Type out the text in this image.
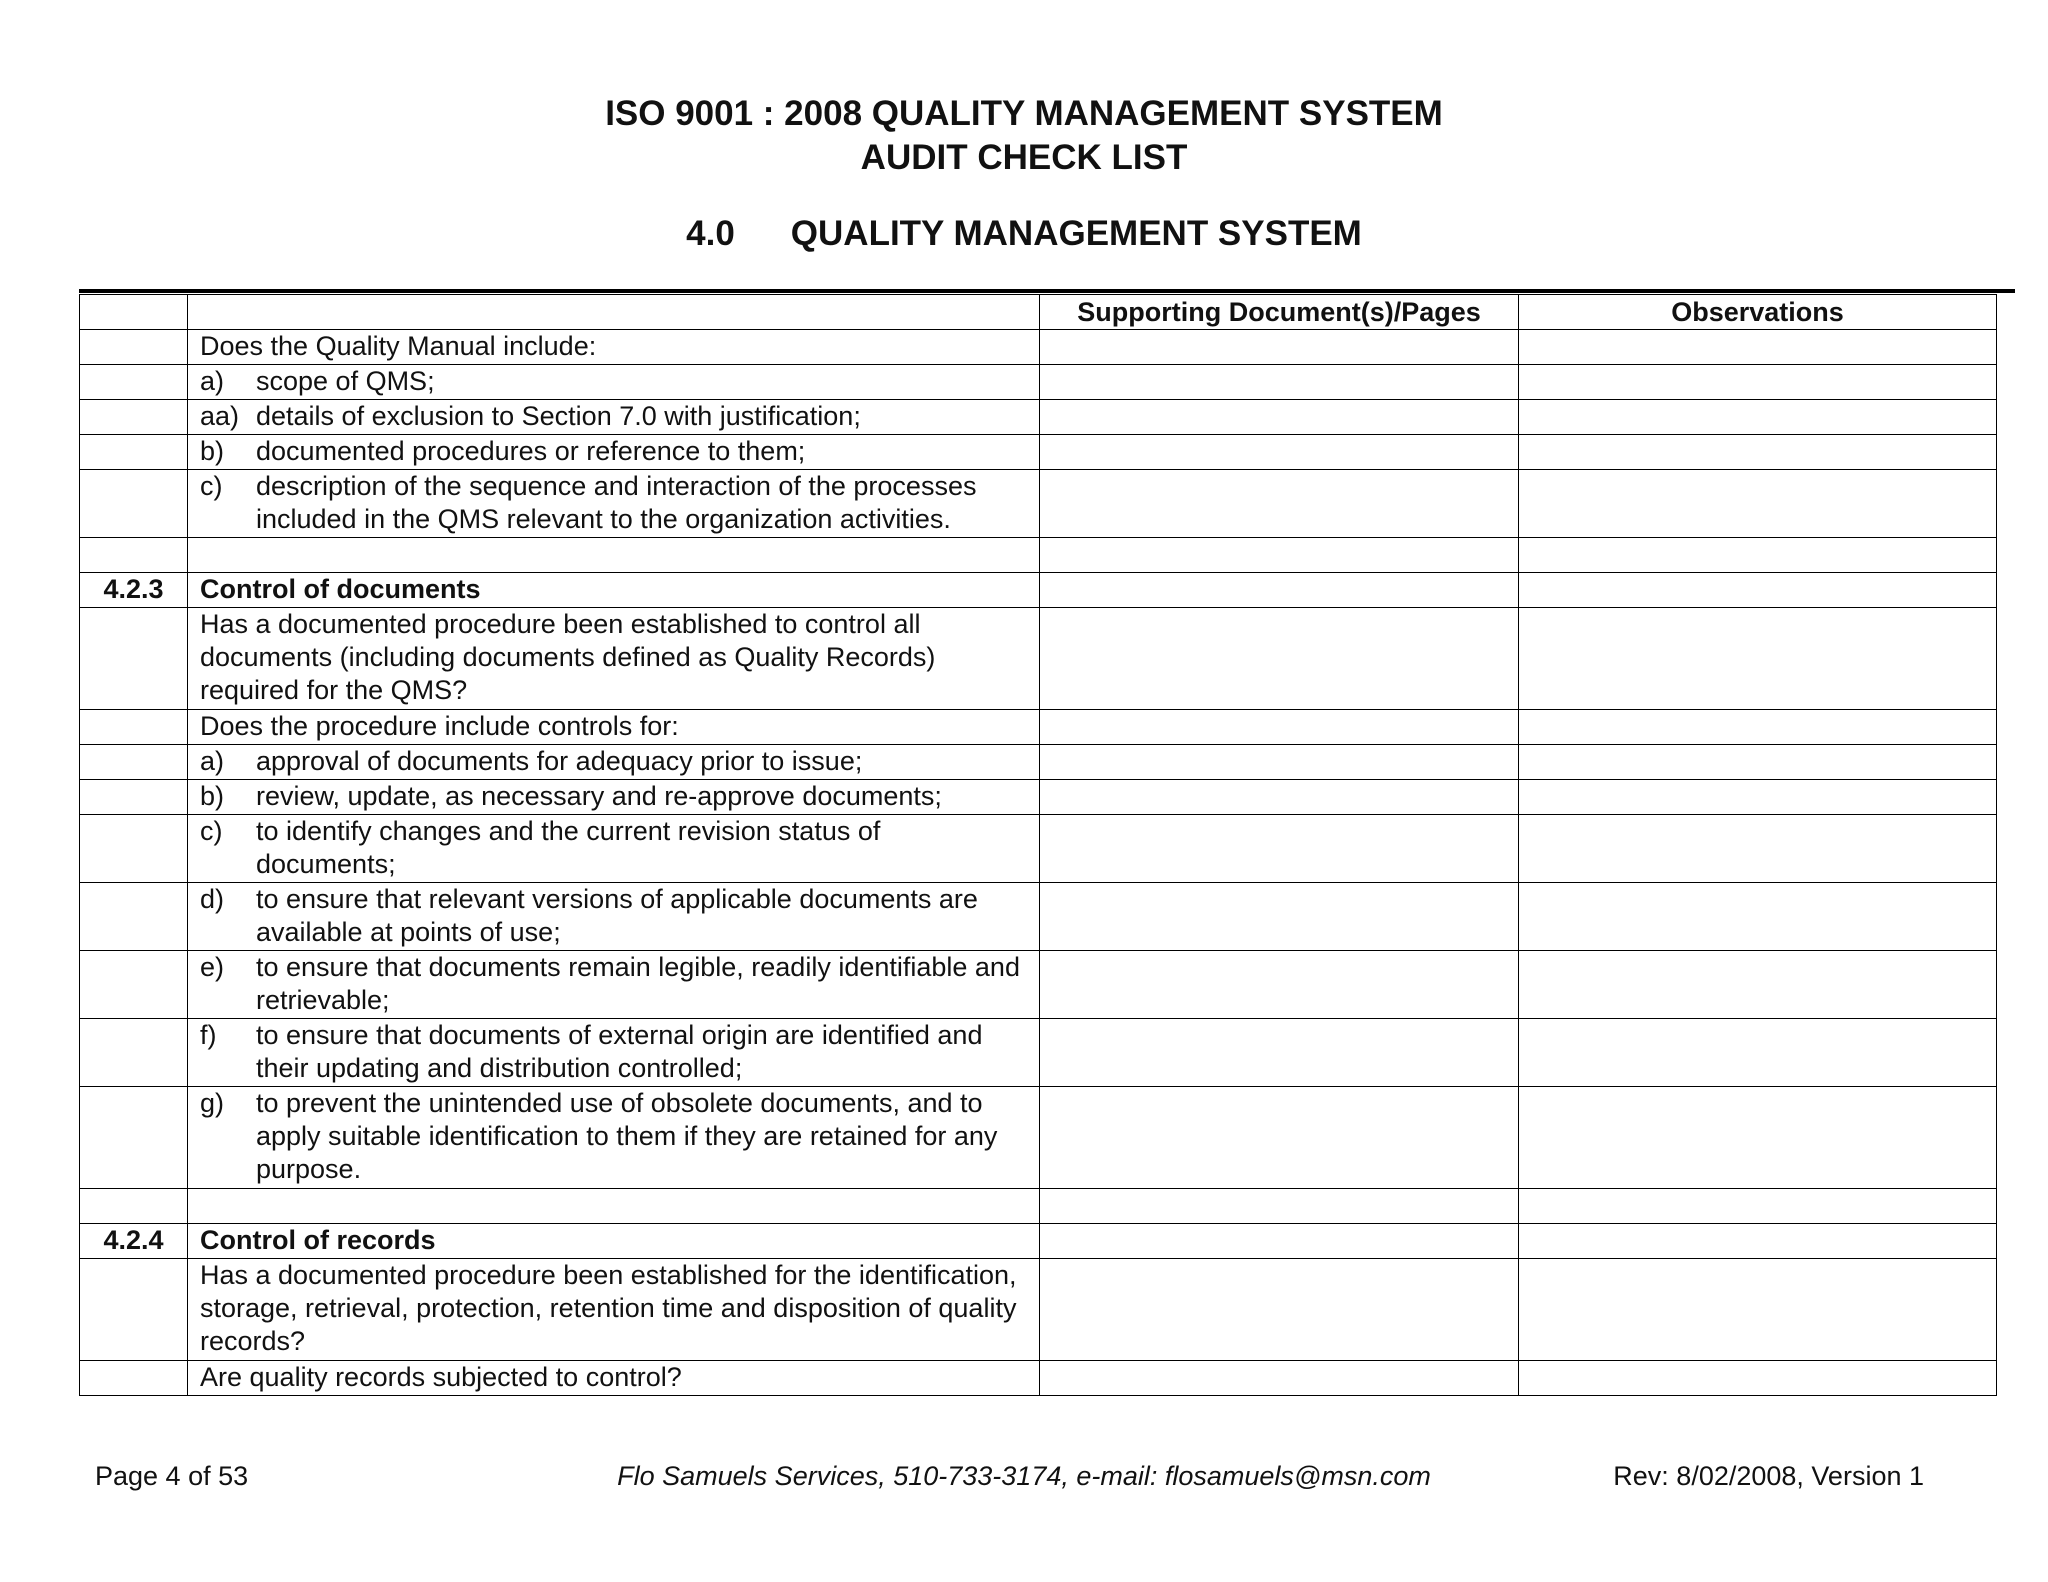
ISO 9001 : 2008 QUALITY MANAGEMENT SYSTEM
AUDIT CHECK LIST
4.0 QUALITY MANAGEMENT SYSTEM
		Supporting Document(s)/Pages	Observations
	Does the Quality Manual include:		

	a) scope of QMS;		

	aa) details of exclusion to Section 7.0 with justification;		

	b) documented procedures or reference to them;		

	c) description of the sequence and interaction of the processes included in the QMS relevant to the organization activities.		

4.2.3	Control of documents		
	Has a documented procedure been established to control all documents (including documents defined as Quality Records) required for the QMS?		
	Does the procedure include controls for:		

	a) approval of documents for adequacy prior to issue;		

	b) review, update, as necessary and re-approve documents;		

	c) to identify changes and the current revision status of documents;		

	d) to ensure that relevant versions of applicable documents are available at points of use;		

	e) to ensure that documents remain legible, readily identifiable and retrievable;		

	f) to ensure that documents of external origin are identified and their updating and distribution controlled;		

	g) to prevent the unintended use of obsolete documents, and to apply suitable identification to them if they are retained for any purpose.		

4.2.4	Control of records		
	Has a documented procedure been established for the identification, storage, retrieval, protection, retention time and disposition of quality records?		
	Are quality records subjected to control?		
Page 4 of 53	Flo Samuels Services, 510-733-3174, e-mail: flosamuels@msn.com	Rev: 8/02/2008, Version 1
